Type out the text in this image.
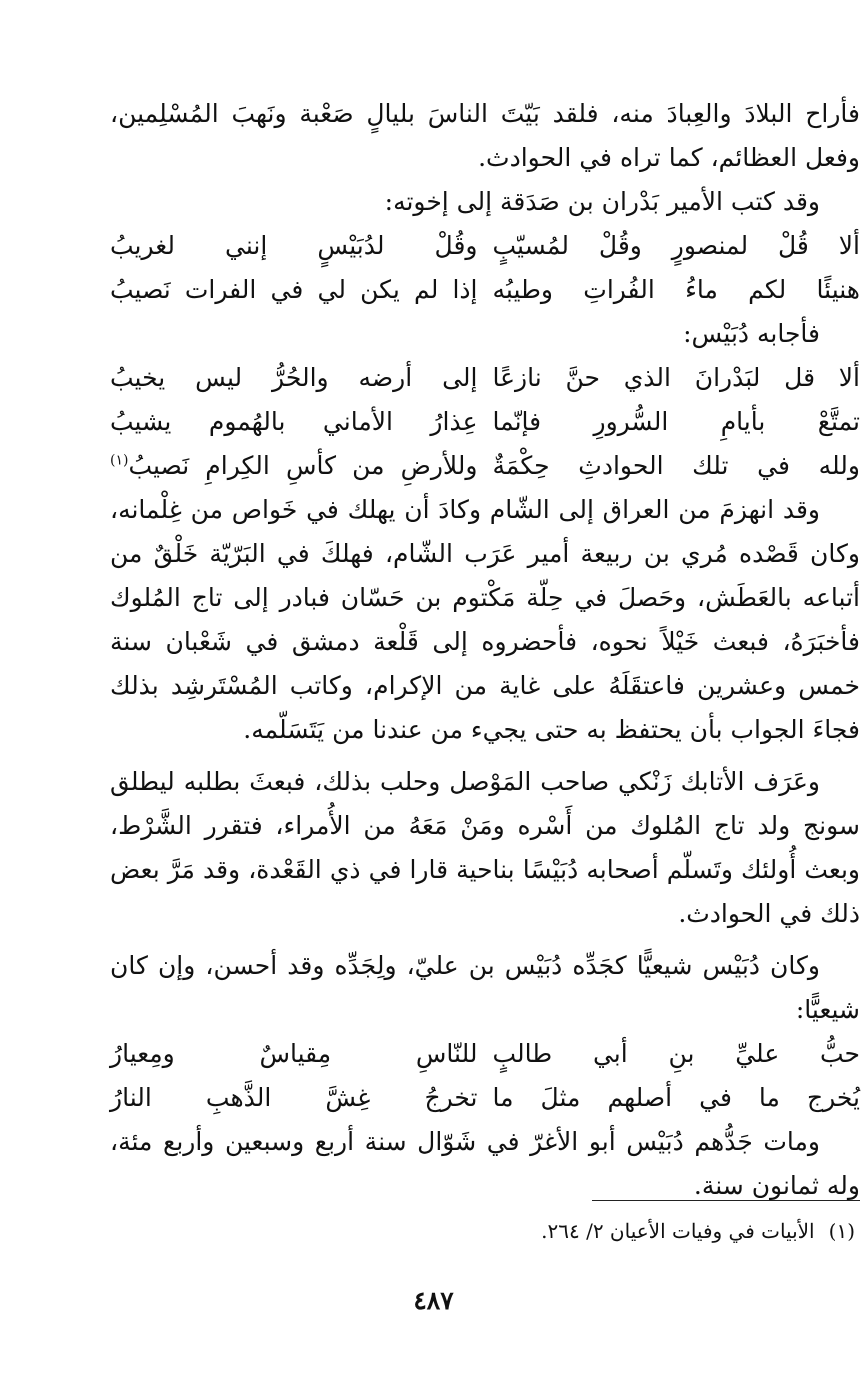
فأراح البلادَ والعِبادَ منه، فلقد بَيّتَ الناسَ بليالٍ صَعْبة ونَهبَ المُسْلِمين، وفعل العظائم، كما تراه في الحوادث.

وقد كتب الأمير بَدْران بن صَدَقة إلى إخوته:

ألا قُلْ لمنصورٍ وقُلْ لمُسيّبٍ
وقُلْ لدُبَيْسٍ إنني لغريبُ
هنيئًا لكم ماءُ الفُراتِ وطيبُه
إذا لم يكن لي في الفرات نَصيبُ

فأجابه دُبَيْس:

ألا قل لبَدْرانَ الذي حنَّ نازعًا
إلى أرضه والحُرُّ ليس يخيبُ
تمتَّعْ بأيامِ السُّرورِ فإنّما
عِذارُ الأماني بالهُموم يشيبُ
ولله في تلك الحوادثِ حِكْمَةٌ
وللأرضِ من كأسِ الكِرامِ نَصيبُ$^{(١)}$

وقد انهزمَ من العراق إلى الشّام وكادَ أن يهلك في خَواص من غِلْمانه، وكان قَصْده مُري بن ربيعة أمير عَرَب الشّام، فهلكَ في البَرّيّة خَلْقٌ من أتباعه بالعَطَش، وحَصلَ في حِلّة مَكْتوم بن حَسّان فبادر إلى تاج المُلوك فأخبَرَهُ، فبعث خَيْلاً نحوه، فأحضروه إلى قَلْعة دمشق في شَعْبان سنة خمس وعشرين فاعتقَلَهُ على غاية من الإكرام، وكاتب المُسْتَرشِد بذلك فجاءَ الجواب بأن يحتفظ به حتى يجيء من عندنا من يَتَسَلّمه.

وعَرَف الأتابك زَنْكي صاحب المَوْصل وحلب بذلك، فبعثَ بطلبه ليطلق سونج ولد تاج المُلوك من أَسْره ومَنْ مَعَهُ من الأُمراء، فتقرر الشَّرْط، وبعث أُولئك وتَسلّم أصحابه دُبَيْسًا بناحية قارا في ذي القَعْدة، وقد مَرَّ بعض ذلك في الحوادث.

وكان دُبَيْس شيعيًّا كجَدِّه دُبَيْس بن عليّ، ولِجَدِّه وقد أحسن، وإن كان شيعيًّا:

حبُّ عليِّ بنِ أبي طالبٍ
للنّاسِ مِقياسٌ ومِعيارُ
يُخرج ما في أصلهم مثلَ ما
تخرجُ غِشَّ الذَّهبِ النارُ

ومات جَدُّهم دُبَيْس أبو الأغرّ في شَوّال سنة أربع وسبعين وأربع مئة، وله ثمانون سنة.

(١)الأبيات في وفيات الأعيان ٢/ ٢٦٤.
٤٨٧
